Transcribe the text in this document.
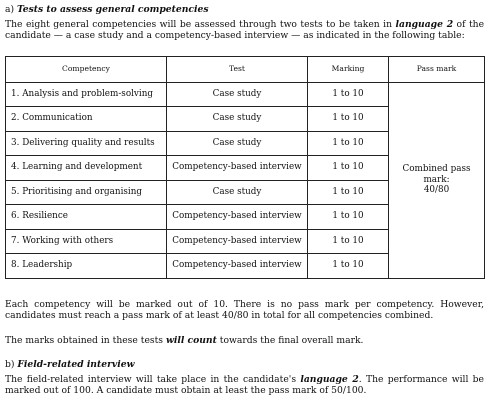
a) Tests to assess general competencies

The eight general competencies will be assessed through two tests to be taken in language 2 of the candidate — a case study and a competency-based interview — as indicated in the following table:

Competency	Test	Marking	Pass mark
1. Analysis and problem-solving	Case study	1 to 10	Combined pass mark:
40/80

2. Communication	Case study	1 to 10	
3. Delivering quality and results	Case study	1 to 10	
4. Learning and development	Competency-based interview	1 to 10	
5. Prioritising and organising	Case study	1 to 10	
6. Resilience	Competency-based interview	1 to 10	
7. Working with others	Competency-based interview	1 to 10	
8. Leadership	Competency-based interview	1 to 10	

Each competency will be marked out of 10. There is no pass mark per competency. However, candidates must reach a pass mark of at least 40/80 in total for all competencies combined.

The marks obtained in these tests will count towards the final overall mark.

b) Field-related interview

The field-related interview will take place in the candidate's language 2. The performance will be marked out of 100. A candidate must obtain at least the pass mark of 50/100.
